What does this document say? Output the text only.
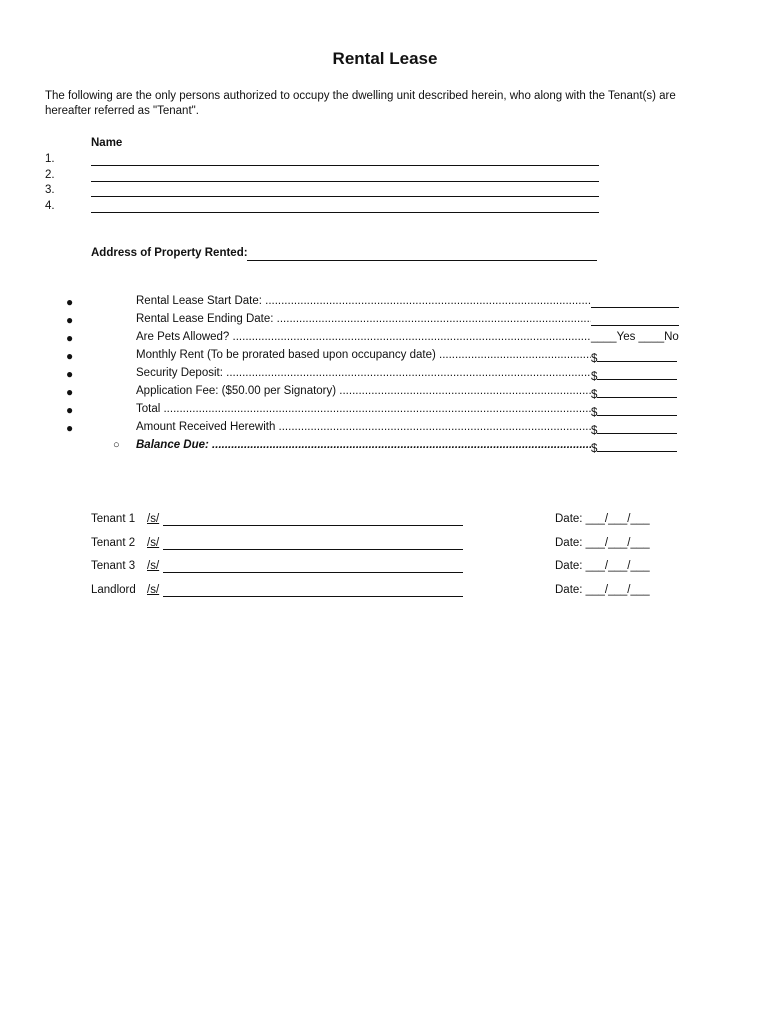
Rental Lease
The following are the only persons authorized to occupy the dwelling unit described herein, who along with the Tenant(s) are hereafter referred as "Tenant".
Name
1.
2.
3.
4.
Address of Property Rented:
●	Rental Lease Start Date: .....
●	Rental Lease Ending Date: .....
●	Are Pets Allowed? .....	____Yes ____No
●	Monthly Rent (To be prorated based upon occupancy date) .....	$
●	Security Deposit: .....	$
●	Application Fee: ($50.00 per Signatory) .....	$
●	Total .....	$
●	Amount Received Herewith .....	$
○ Balance Due: .....	$
Tenant 1 /s/	Date: ___/___/___
Tenant 2 /s/	Date: ___/___/___
Tenant 3 /s/	Date: ___/___/___
Landlord /s/	Date: ___/___/___
